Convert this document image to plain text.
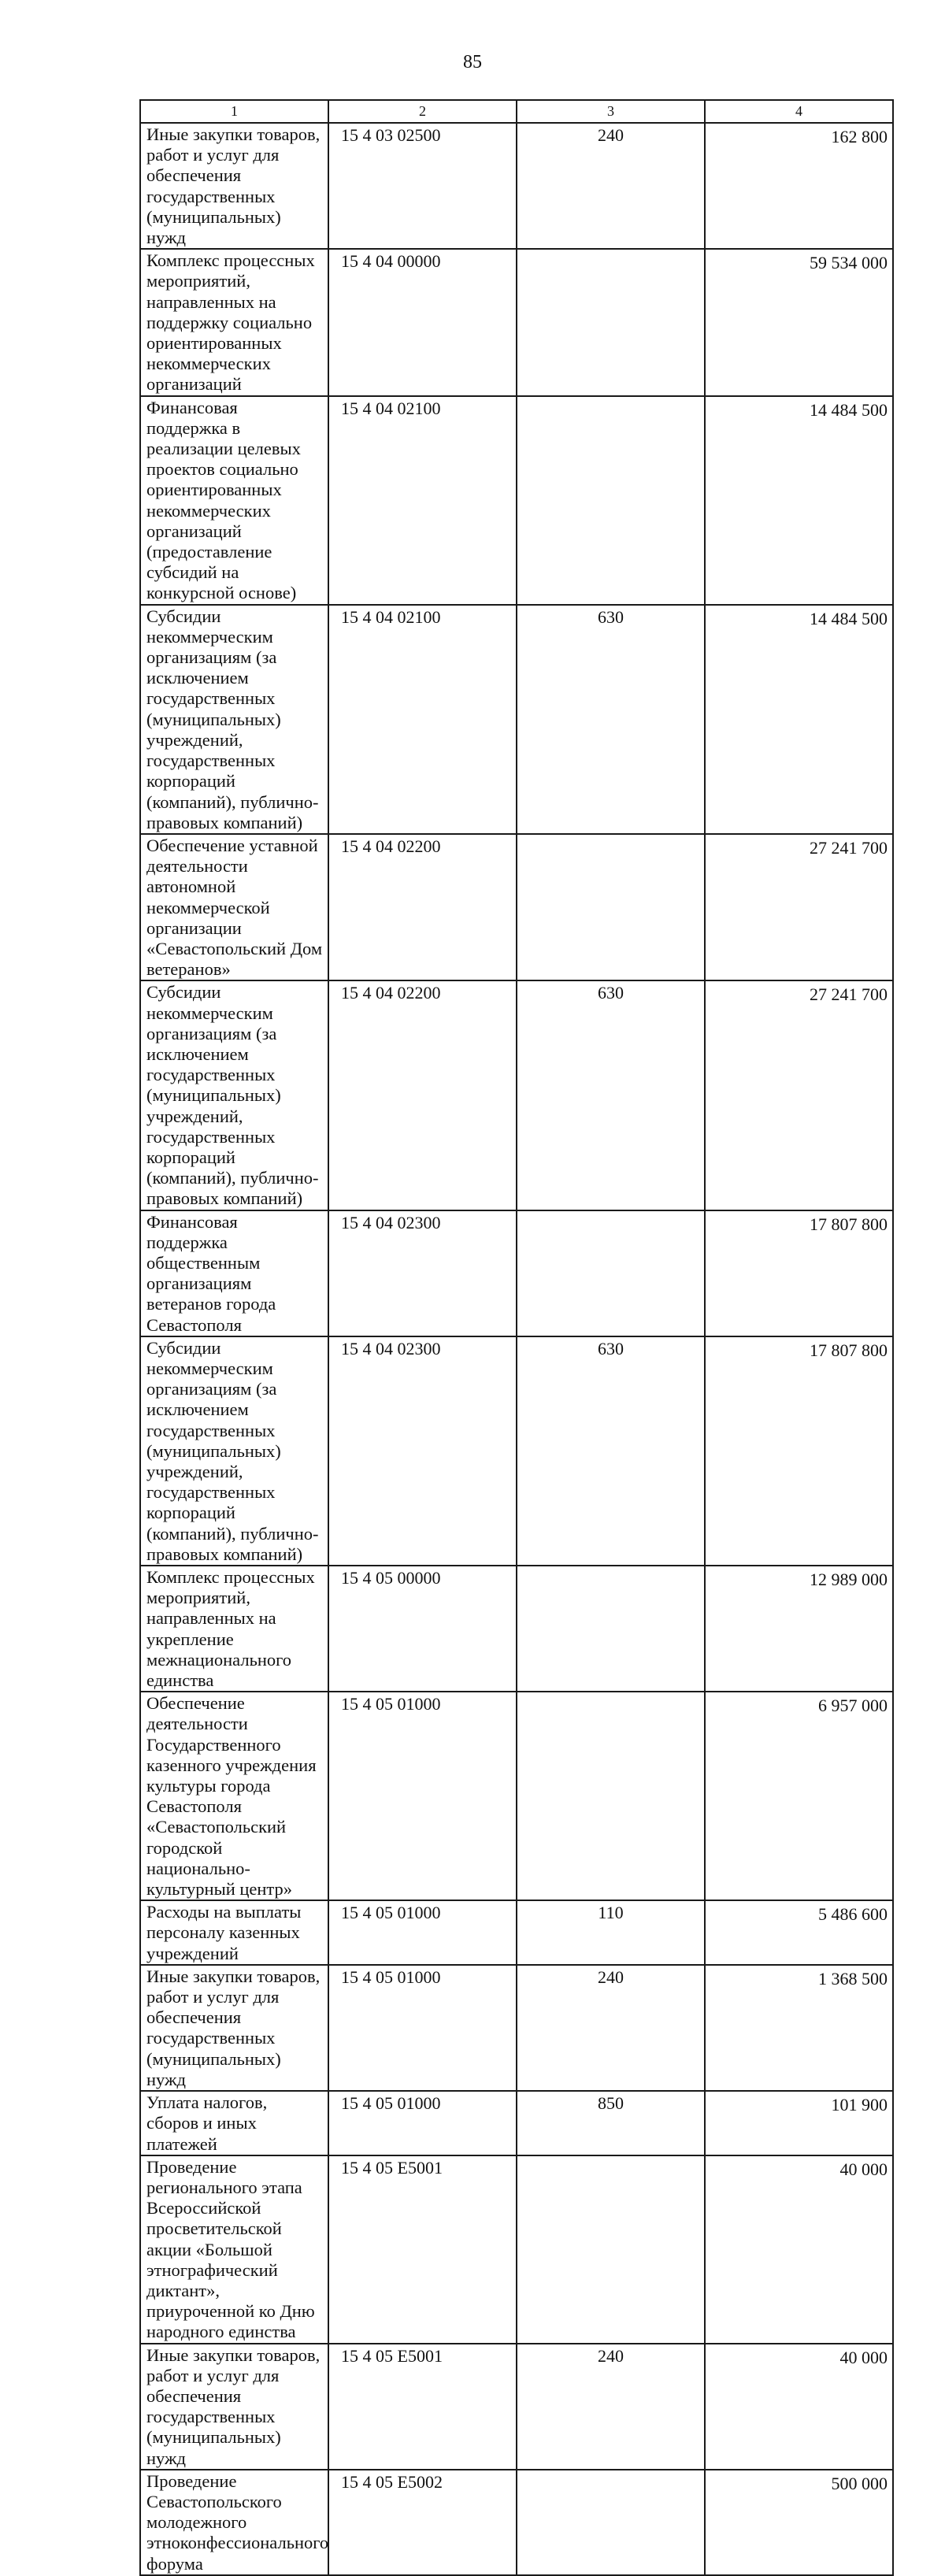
85
1	2	3	4
Иные закупки товаров, работ и услуг для обеспечения государственных (муниципальных) нужд	15 4 03 02500	240	162 800
Комплекс процессных мероприятий, направленных на поддержку социально ориентированных некоммерческих организаций	15 4 04 00000		59 534 000
Финансовая поддержка в реализации целевых проектов социально ориентированных некоммерческих организаций (предоставление субсидий на конкурсной основе)	15 4 04 02100		14 484 500
Субсидии некоммерческим организациям (за исключением государственных (муниципальных) учреждений, государственных корпораций (компаний), публично-правовых компаний)	15 4 04 02100	630	14 484 500
Обеспечение уставной деятельности автономной некоммерческой организации «Севастопольский Дом ветеранов»	15 4 04 02200		27 241 700
Субсидии некоммерческим организациям (за исключением государственных (муниципальных) учреждений, государственных корпораций (компаний), публично-правовых компаний)	15 4 04 02200	630	27 241 700
Финансовая поддержка общественным организациям ветеранов города Севастополя	15 4 04 02300		17 807 800
Субсидии некоммерческим организациям (за исключением государственных (муниципальных) учреждений, государственных корпораций (компаний), публично-правовых компаний)	15 4 04 02300	630	17 807 800
Комплекс процессных мероприятий, направленных на укрепление межнационального единства	15 4 05 00000		12 989 000
Обеспечение деятельности Государственного казенного учреждения культуры города Севастополя «Севастопольский городской национально-культурный центр»	15 4 05 01000		6 957 000
Расходы на выплаты персоналу казенных учреждений	15 4 05 01000	110	5 486 600
Иные закупки товаров, работ и услуг для обеспечения государственных (муниципальных) нужд	15 4 05 01000	240	1 368 500
Уплата налогов, сборов и иных платежей	15 4 05 01000	850	101 900
Проведение регионального этапа Всероссийской просветительской акции «Большой этнографический диктант», приуроченной ко Дню народного единства	15 4 05 E5001		40 000
Иные закупки товаров, работ и услуг для обеспечения государственных (муниципальных) нужд	15 4 05 E5001	240	40 000
Проведение Севастопольского молодежного этноконфессионального форума	15 4 05 E5002		500 000
